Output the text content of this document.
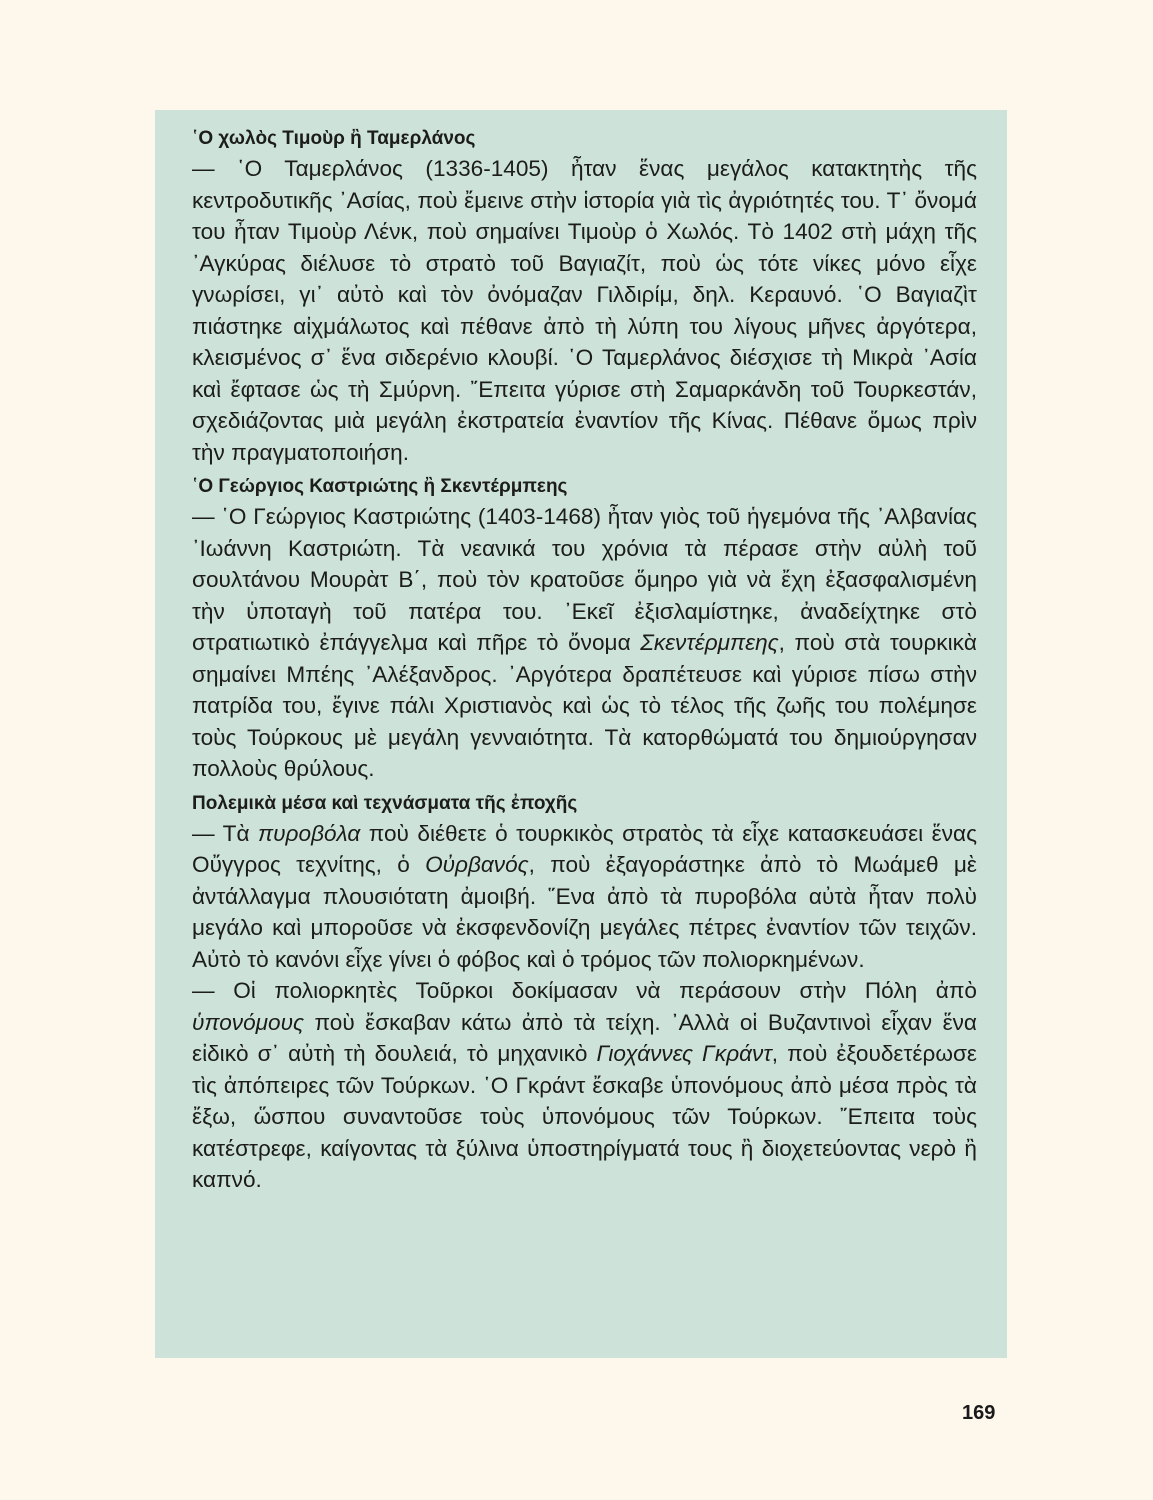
῾Ο χωλὸς Τιμοὺρ ἢ Ταμερλάνος

— ῾Ο Ταμερλάνος (1336-1405) ἦταν ἕνας μεγάλος κατακτητὴς τῆς κεντροδυτικῆς ᾽Ασίας, ποὺ ἔμεινε στὴν ἱστορία γιὰ τὶς ἀγριότητές του. Τ᾽ ὄνομά του ἦταν Τιμοὺρ Λένκ, ποὺ σημαίνει Τιμοὺρ ὁ Χωλός. Τὸ 1402 στὴ μάχη τῆς ᾽Αγκύρας διέλυσε τὸ στρατὸ τοῦ Βαγιαζίτ, ποὺ ὡς τότε νίκες μόνο εἶχε γνωρίσει, γι᾽ αὐτὸ καὶ τὸν ὀνόμαζαν Γιλδιρίμ, δηλ. Κεραυνό. ῾Ο Βαγιαζὶτ πιάστηκε αἰχμάλωτος καὶ πέθανε ἀπὸ τὴ λύπη του λίγους μῆνες ἀργότερα, κλεισμένος σ᾽ ἕνα σιδερένιο κλουβί. ῾Ο Ταμερλάνος διέσχισε τὴ Μικρὰ ᾽Ασία καὶ ἔφτασε ὡς τὴ Σμύρνη. ῎Επειτα γύρισε στὴ Σαμαρκάνδη τοῦ Τουρκεστάν, σχεδιάζοντας μιὰ μεγάλη ἐκστρατεία ἐναντίον τῆς Κίνας. Πέθανε ὅμως πρὶν τὴν πραγματοποιήση.

῾Ο Γεώργιος Καστριώτης ἢ Σκεντέρμπεης

— ῾Ο Γεώργιος Καστριώτης (1403-1468) ἦταν γιὸς τοῦ ἡγεμόνα τῆς ᾽Αλβανίας ᾽Ιωάννη Καστριώτη. Τὰ νεανικά του χρόνια τὰ πέρασε στὴν αὐλὴ τοῦ σουλτάνου Μουρὰτ Β΄, ποὺ τὸν κρατοῦσε ὅμηρο γιὰ νὰ ἔχη ἐξασφαλισμένη τὴν ὑποταγὴ τοῦ πατέρα του. ᾽Εκεῖ ἐξισλαμίστηκε, ἀναδείχτηκε στὸ στρατιωτικὸ ἐπάγγελμα καὶ πῆρε τὸ ὄνομα Σκεντέρμπεης, ποὺ στὰ τουρκικὰ σημαίνει Μπέης ᾽Αλέξανδρος. ᾽Αργότερα δραπέτευσε καὶ γύρισε πίσω στὴν πατρίδα του, ἔγινε πάλι Χριστιανὸς καὶ ὡς τὸ τέλος τῆς ζωῆς του πολέμησε τοὺς Τούρκους μὲ μεγάλη γενναιότητα. Τὰ κατορθώματά του δημιούργησαν πολλοὺς θρύλους.

Πολεμικὰ μέσα καὶ τεχνάσματα τῆς ἐποχῆς

— Τὰ πυροβόλα ποὺ διέθετε ὁ τουρκικὸς στρατὸς τὰ εἶχε κατασκευάσει ἕνας Οὔγγρος τεχνίτης, ὁ Οὐρβανός, ποὺ ἐξαγοράστηκε ἀπὸ τὸ Μωάμεθ μὲ ἀντάλλαγμα πλουσιότατη ἀμοιβή. ῞Ενα ἀπὸ τὰ πυροβόλα αὐτὰ ἦταν πολὺ μεγάλο καὶ μποροῦσε νὰ ἐκσφενδονίζη μεγάλες πέτρες ἐναντίον τῶν τειχῶν. Αὐτὸ τὸ κανόνι εἶχε γίνει ὁ φόβος καὶ ὁ τρόμος τῶν πολιορκημένων.

— Οἱ πολιορκητὲς Τοῦρκοι δοκίμασαν νὰ περάσουν στὴν Πόλη ἀπὸ ὑπονόμους ποὺ ἔσκαβαν κάτω ἀπὸ τὰ τείχη. ᾽Αλλὰ οἱ Βυζαντινοὶ εἶχαν ἕνα εἰδικὸ σ᾽ αὐτὴ τὴ δουλειά, τὸ μηχανικὸ Γιοχάννες Γκράντ, ποὺ ἐξουδετέρωσε τὶς ἀπόπειρες τῶν Τούρκων. ῾Ο Γκράντ ἔσκαβε ὑπονόμους ἀπὸ μέσα πρὸς τὰ ἔξω, ὥσπου συναντοῦσε τοὺς ὑπονόμους τῶν Τούρκων. ῎Επειτα τοὺς κατέστρεφε, καίγοντας τὰ ξύλινα ὑποστηρίγματά τους ἢ διοχετεύοντας νερὸ ἢ καπνό.

169
